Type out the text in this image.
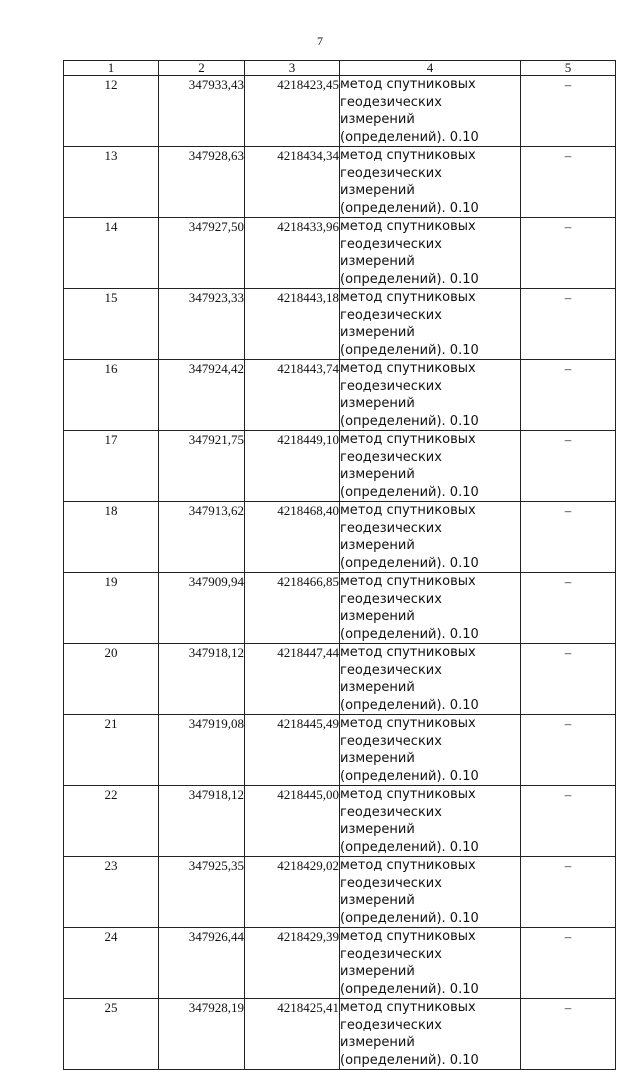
7
1	2	3	4	5
12	347933,43	4218423,45	метод спутниковых
геодезических измерений
(определений). 0.10	–
13	347928,63	4218434,34	метод спутниковых
геодезических измерений
(определений). 0.10	–
14	347927,50	4218433,96	метод спутниковых
геодезических измерений
(определений). 0.10	–
15	347923,33	4218443,18	метод спутниковых
геодезических измерений
(определений). 0.10	–
16	347924,42	4218443,74	метод спутниковых
геодезических измерений
(определений). 0.10	–
17	347921,75	4218449,10	метод спутниковых
геодезических измерений
(определений). 0.10	–
18	347913,62	4218468,40	метод спутниковых
геодезических измерений
(определений). 0.10	–
19	347909,94	4218466,85	метод спутниковых
геодезических измерений
(определений). 0.10	–
20	347918,12	4218447,44	метод спутниковых
геодезических измерений
(определений). 0.10	–
21	347919,08	4218445,49	метод спутниковых
геодезических измерений
(определений). 0.10	–
22	347918,12	4218445,00	метод спутниковых
геодезических измерений
(определений). 0.10	–
23	347925,35	4218429,02	метод спутниковых
геодезических измерений
(определений). 0.10	–
24	347926,44	4218429,39	метод спутниковых
геодезических измерений
(определений). 0.10	–
25	347928,19	4218425,41	метод спутниковых
геодезических измерений
(определений). 0.10	–
